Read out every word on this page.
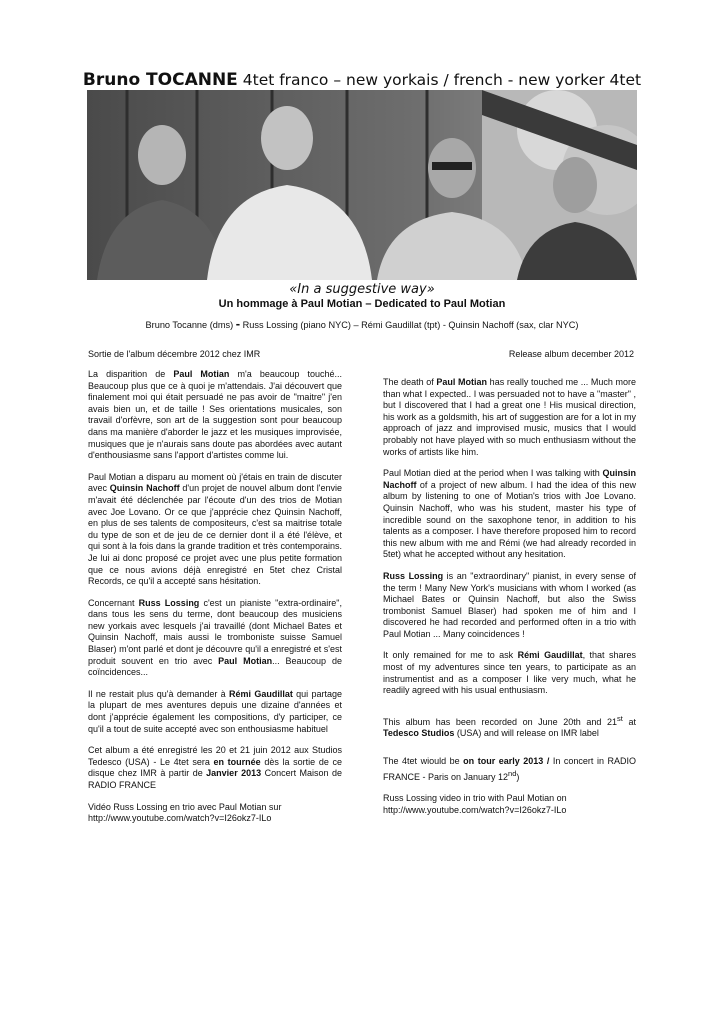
Bruno TOCANNE 4tet franco – new yorkais / french - new yorker 4tet
«In a suggestive way»
Un hommage à Paul Motian – Dedicated to Paul Motian
Bruno Tocanne (dms) - Russ Lossing (piano NYC) – Rémi Gaudillat (tpt) - Quinsin Nachoff (sax, clar NYC)
Sortie de l'album décembre 2012 chez IMR	Release album december 2012

La disparition de Paul Motian m'a beaucoup touché... Beaucoup plus que ce à quoi je m'attendais. J'ai découvert que finalement moi qui était persuadé ne pas avoir de "maitre" j'en avais bien un, et de taille ! Ses orientations musicales, son travail d'orfèvre, son art de la suggestion sont pour beaucoup dans ma manière d'aborder le jazz et les musiques improvisée, musiques que je n'aurais sans doute pas abordées avec autant d'enthousiasme sans l'apport d'artistes comme lui.

Paul Motian a disparu au moment où j'étais en train de discuter avec Quinsin Nachoff d'un projet de nouvel album dont l'envie m'avait été déclenchée par l'écoute d'un des trios de Motian avec Joe Lovano. Or ce que j'apprécie chez Quinsin Nachoff, en plus de ses talents de compositeurs, c'est sa maitrise totale du type de son et de jeu de ce dernier dont il a été l'élève, et qui sont à la fois dans la grande tradition et très contemporains. Je lui ai donc proposé ce projet avec une plus petite formation que ce nous avions déjà enregistré en 5tet chez Cristal Records, ce qu'il a accepté sans hésitation.

Concernant Russ Lossing c'est un pianiste "extra-ordinaire", dans tous les sens du terme, dont beaucoup des musiciens new yorkais avec lesquels j'ai travaillé (dont Michael Bates et Quinsin Nachoff, mais aussi le tromboniste suisse Samuel Blaser) m'ont parlé et dont je découvre qu'il a enregistré et s'est produit souvent en trio avec Paul Motian... Beaucoup de coïncidences...

Il ne restait plus qu'à demander à Rémi Gaudillat qui partage la plupart de mes aventures depuis une dizaine d'années et dont j'apprécie également les compositions, d'y participer, ce qu'il a tout de suite accepté avec son enthousiasme habituel

Cet album a été enregistré les 20 et 21 juin 2012 aux Studios Tedesco (USA) - Le 4tet sera en tournée dès la sortie de ce disque chez IMR à partir de Janvier 2013 Concert Maison de RADIO FRANCE

Vidéo Russ Lossing en trio avec Paul Motian sur
http://www.youtube.com/watch?v=I26okz7-ILo

The death of Paul Motian has really touched me ... Much more than what I expected.. I was persuaded not to have a "master" , but I discovered that I had a great one ! His musical direction, his work as a goldsmith, his art of suggestion are for a lot in my approach of jazz and improvised music, musics that I would probably not have played with so much enthusiasm without the works of artists like him.

Paul Motian died at the period when I was talking with Quinsin Nachoff of a project of new album. I had the idea of this new album by listening to one of Motian's trios with Joe Lovano. Quinsin Nachoff, who was his student, master his type of incredible sound on the saxophone tenor, in addition to his talents as a composer. I have therefore proposed him to record this new album with me and Rémi (we had already recorded in 5tet) what he accepted without any hesitation.

Russ Lossing is an "extraordinary" pianist, in every sense of the term ! Many New York's musicians with whom I worked (as Michael Bates or Quinsin Nachoff, but also the Swiss trombonist Samuel Blaser) had spoken me of him and I discovered he had recorded and performed often in a trio with Paul Motian ... Many coincidences !

It only remained for me to ask Rémi Gaudillat, that shares most of my adventures since ten years, to participate as an instrumentist and as a composer I like very much, what he readily agreed with his usual enthusiasm.

This album has been recorded on June 20th and 21st at Tedesco Studios (USA) and will release on IMR label

The 4tet wiould be on tour early 2013 / In concert in RADIO FRANCE - Paris on January 12nd)

Russ Lossing video in trio with Paul Motian on
http://www.youtube.com/watch?v=I26okz7-ILo
